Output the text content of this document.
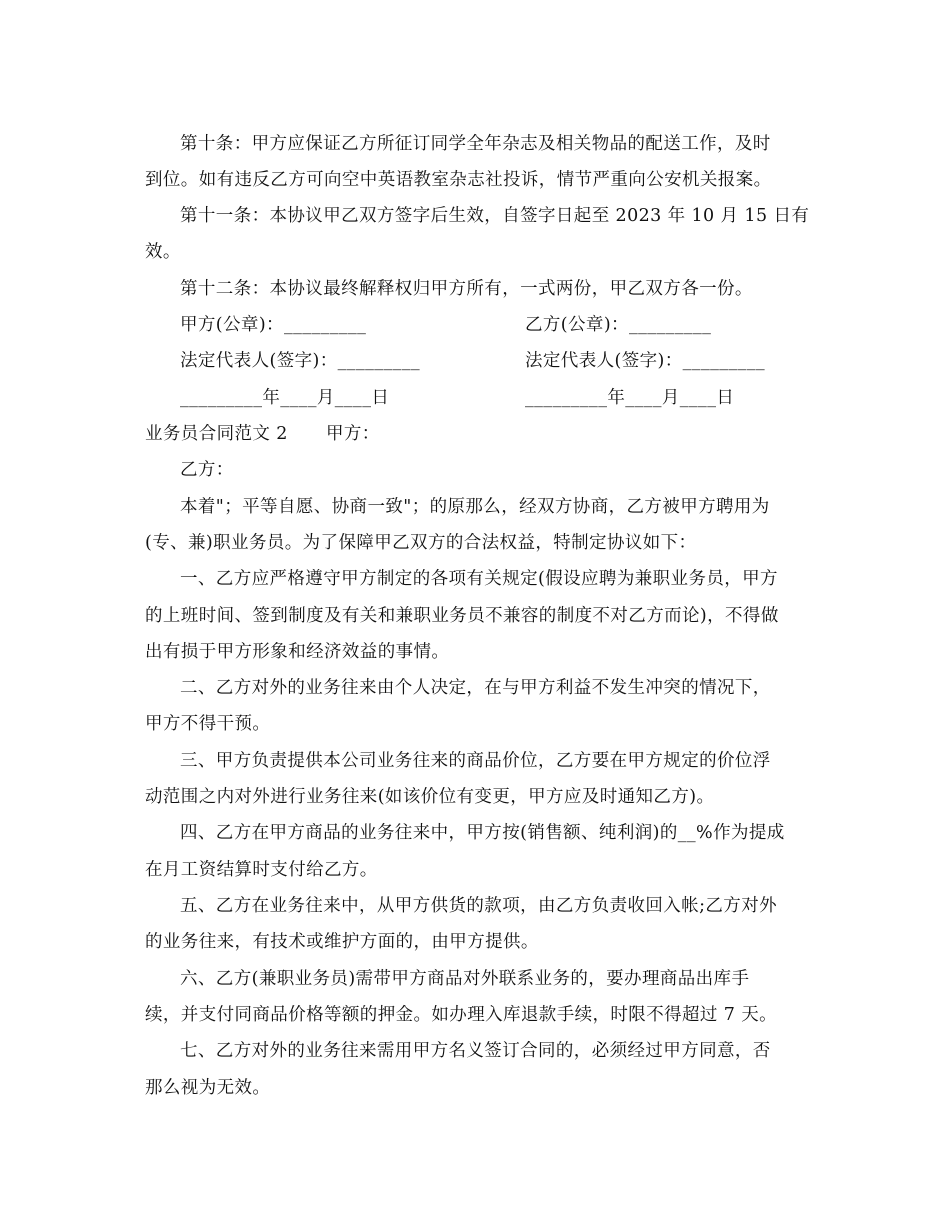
第十条：甲方应保证乙方所征订同学全年杂志及相关物品的配送工作，及时
到位。如有违反乙方可向空中英语教室杂志社投诉，情节严重向公安机关报案。
第十一条：本协议甲乙双方签字后生效，自签字日起至 2023 年 10 月 15 日有
效。
第十二条：本协议最终解释权归甲方所有，一式两份，甲乙双方各一份。
甲方(公章)：_________	乙方(公章)：_________
法定代表人(签字)：_________	法定代表人(签字)：_________
_________年____月____日	_________年____月____日
业务员合同范文 2 甲方：
乙方：
本着"；平等自愿、协商一致"；的原那么，经双方协商，乙方被甲方聘用为
(专、兼)职业务员。为了保障甲乙双方的合法权益，特制定协议如下：
一、乙方应严格遵守甲方制定的各项有关规定(假设应聘为兼职业务员，甲方
的上班时间、签到制度及有关和兼职业务员不兼容的制度不对乙方而论)，不得做
出有损于甲方形象和经济效益的事情。
二、乙方对外的业务往来由个人决定，在与甲方利益不发生冲突的情况下，
甲方不得干预。
三、甲方负责提供本公司业务往来的商品价位，乙方要在甲方规定的价位浮
动范围之内对外进行业务往来(如该价位有变更，甲方应及时通知乙方)。
四、乙方在甲方商品的业务往来中，甲方按(销售额、纯利润)的__%作为提成
在月工资结算时支付给乙方。
五、乙方在业务往来中，从甲方供货的款项，由乙方负责收回入帐;乙方对外
的业务往来，有技术或维护方面的，由甲方提供。
六、乙方(兼职业务员)需带甲方商品对外联系业务的，要办理商品出库手
续，并支付同商品价格等额的押金。如办理入库退款手续，时限不得超过 7 天。
七、乙方对外的业务往来需用甲方名义签订合同的，必须经过甲方同意，否
那么视为无效。
